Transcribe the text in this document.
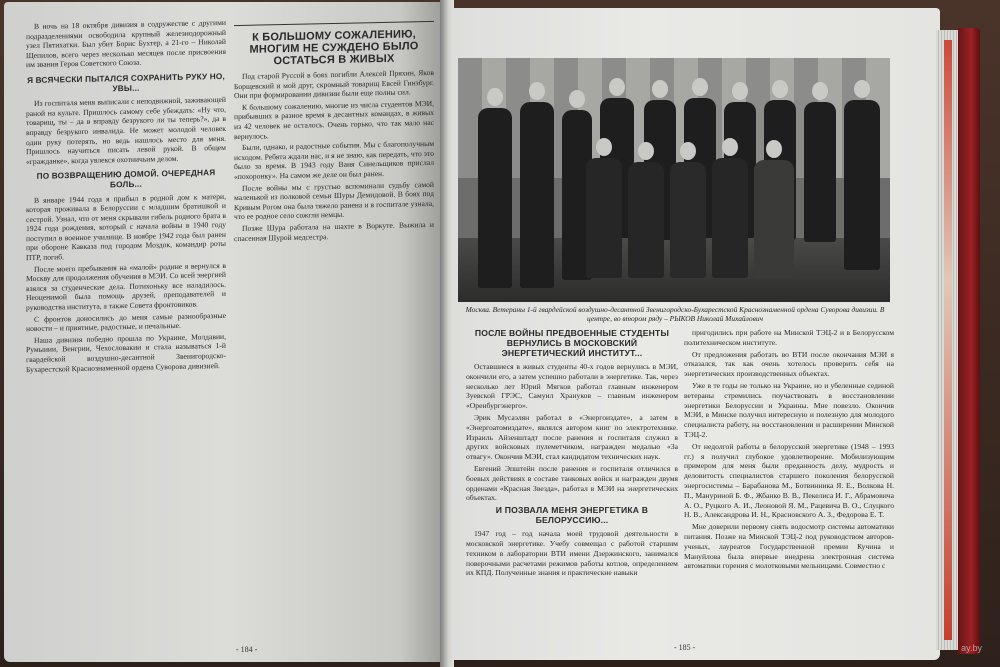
В ночь на 18 октября дивизия в содружестве с другими подразделениями освободила крупный железнодорожный узел Пятихатки. Был убит Борис Бухтер, а 21-го – Николай Щепилов, всего через несколько месяцев после присвоения им звания Героя Советского Союза.

Я ВСЯЧЕСКИ ПЫТАЛСЯ СОХРАНИТЬ РУКУ НО, УВЫ...

Из госпиталя меня выписали с неподвижной, заживающей раной на культе. Пришлось самому себе убеждать: «Ну что, товарищ, ты – да в вправду безрукого ли ты теперь?», да в вправду безрукого инвалида. Не может молодой человек один руку потерять, но ведь нашлось место для меня. Пришлось научиться писать левой рукой. В общем «гражданке», когда увлекся охотничьим делом.

ПО ВОЗВРАЩЕНИЮ ДОМОЙ. ОЧЕРЕДНАЯ БОЛЬ...

В январе 1944 года я прибыл в родной дом к матери, которая проживала в Белоруссии с младшим братишкой и сестрой. Узнал, что от меня скрывали гибель родного брата в 1924 года рождения, который с начала войны в 1940 году поступил в военное училище. В ноябре 1942 года был ранен при обороне Кавказа под городом Моздок, командир роты ПТР, погиб.

После моего пребывания на «малой» родине я вернулся в Москву для продолжения обучения в МЭИ. Со всей энергией взялся за студенческие дела. Потихоньку все наладилось. Неоценимой была помощь друзей, преподавателей и руководства института, а также Совета фронтовиков.

С фронтов доносились до меня самые разнообразные новости – и приятные, радостные, и печальные.

Наша дивизия победно прошла по Украине, Молдавии, Румынии, Венгрии, Чехословакии и стала называться 1-й гвардейской воздушно-десантной Звенигородско-Бухарестской Краснознаменной ордена Суворова дивизией.

К БОЛЬШОМУ СОЖАЛЕНИЮ, МНОГИМ НЕ СУЖДЕНО БЫЛО ОСТАТЬСЯ В ЖИВЫХ

Под старой Руссой в боях погибли Алексей Пряхин, Яков Борщевский и мой друг, скромный товарищ Евсей Гинзбург. Они при формировании дивизии были еще полны сил.

К большому сожалению, многие из числа студентов МЭИ, прибывших в разное время в десантных командах, в живых из 42 человек не осталось. Очень горько, что так мало нас вернулось.

Были, однако, и радостные события. Мы с благополучным исходом. Ребята ждали нас, и я не знаю, как передать, что это было за время. В 1943 году Ваня Синельщиков прислал «похоронку». На самом же деле он был ранен.

После войны мы с грустью вспоминали судьбу самой маленькой из полковой семьи Шуры Демидовой. В боях под Кривым Рогом она была тяжело ранена и в госпитале узнала, что ее родное село сожгли немцы.

Позже Шура работала на шахте в Воркуте. Выжила и спасенная Шурой медсестра.

- 184 -
Москва. Ветераны 1-й гвардейской воздушно-десантной Звенигородско-Бухарестской Краснознаменной ордена Суворова дивизии. В центре, во втором ряду – РЫКОВ Николай Михайлович
ПОСЛЕ ВОЙНЫ ПРЕДВОЕННЫЕ СТУДЕНТЫ ВЕРНУЛИСЬ В МОСКОВСКИЙ ЭНЕРГЕТИЧЕСКИЙ ИНСТИТУТ...

Оставшиеся в живых студенты 40-х годов вернулись в МЭИ, окончили его, а затем успешно работали в энергетике. Так, через несколько лет Юрий Мягков работал главным инженером Зуевской ГРЭС, Самуил Хрануков – главным инженером «Оренбургэнерго».

Эрик Мусаэлян работал в «Энергоиздате», а затем в «Энергоатомиздате», являлся автором книг по электротехнике. Израиль Айзенштадт после ранения и госпиталя служил в других войсковых пулеметчиком, награжден медалью «За отвагу». Окончив МЭИ, стал кандидатом технических наук.

Евгений Эпштейн после ранения и госпиталя отличился в боевых действиях в составе танковых войск и награжден двумя орденами «Красная Звезда», работал в МЭИ на энергетических объектах.

И ПОЗВАЛА МЕНЯ ЭНЕРГЕТИКА В БЕЛОРУССИЮ...

1947 год – год начала моей трудовой деятельности в московской энергетике. Учебу совмещал с работой старшим техником в лаборатории ВТИ имени Дзержинского, занимался поверочными расчетами режимов работы котлов, определением их КПД. Полученные знания и практические навыки

пригодились при работе на Минской ТЭЦ-2 и в Белорусском политехническом институте.

От предложения работать во ВТИ после окончания МЭИ я отказался, так как очень хотелось проверить себя на энергетических производственных объектах.

Уже в те годы не только на Украине, но и убеленные сединой ветераны стремились поучаствовать в восстановлении энергетики Белоруссии и Украины. Мне повезло. Окончив МЭИ, в Минске получил интересную и полезную для молодого специалиста работу, на восстановлении и расширении Минской ТЭЦ-2.

От недолгой работы в белорусской энергетике (1948 – 1993 гг.) я получил глубокое удовлетворение. Мобилизующим примером для меня были преданность делу, мудрость и деловитость специалистов старшего поколения белорусской энергосистемы – Барабанова М., Ботвинника Я. Е., Волкова Н. П., Мануриной Б. Ф., Жбанко В. В., Пекелиса И. Г., Абрамовича А. О., Руцкого А. И., Леоновой Я. М., Рацевича В. О., Слуцкого Н. В., Александрова И. Н., Красновского А. З., Федорова Е. Т.

Мне доверили первому снять водосмотр системы автоматики питания. Позже на Минской ТЭЦ-2 под руководством авторов-ученых, лауреатов Государственной премии Кучина и Мануйлова была впервые внедрена электронная система автоматики горения с молотковыми мельницами. Совместно с

- 185 -	ay.by
